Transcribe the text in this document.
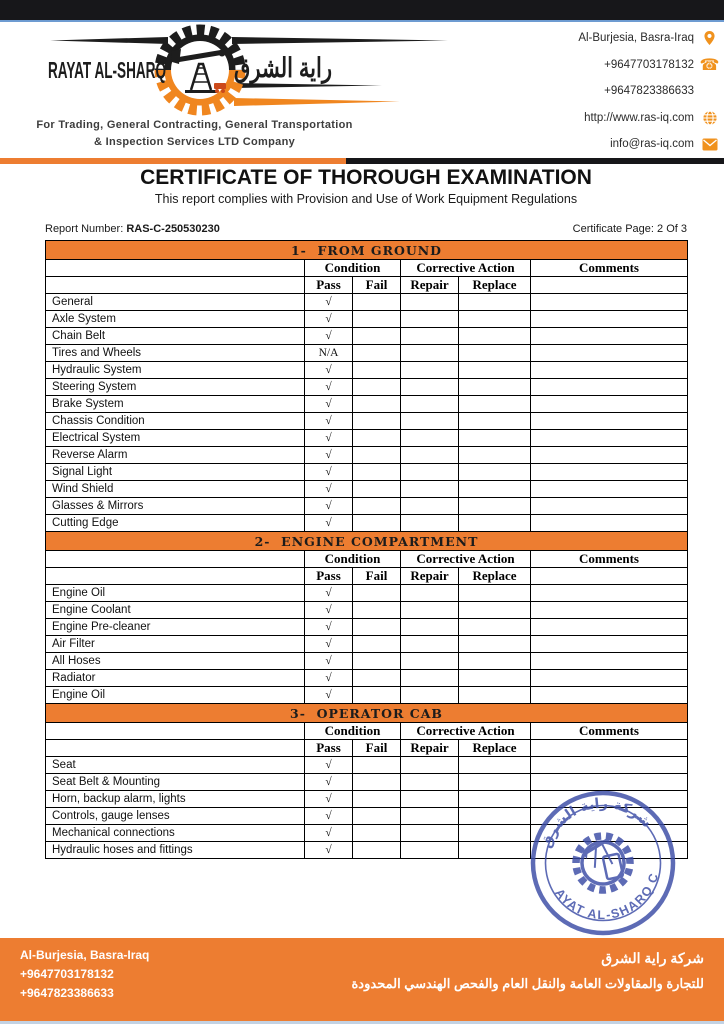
RAYAT AL-SHARQ	راية الشرق
For Trading, General Contracting, General Transportation
& Inspection Services LTD Company
Al-Burjesia, Basra-Iraq
+9647703178132 ☎
+9647823386633
http://www.ras-iq.com
info@ras-iq.com
CERTIFICATE OF THOROUGH EXAMINATION
This report complies with Provision and Use of Work Equipment Regulations
Report Number: RAS-C-250530230	Certificate Page: 2 Of 3
1-  FROM GROUND					
	Condition		Corrective Action		Comments
	Pass	Fail	Repair	Replace	
General	√				
Axle System	√				
Chain Belt	√				
Tires and Wheels	N/A				
Hydraulic System	√				
Steering System	√				
Brake System	√				
Chassis Condition	√				
Electrical System	√				
Reverse Alarm	√				
Signal Light	√				
Wind Shield	√				
Glasses & Mirrors	√				
Cutting Edge	√				
2-  ENGINE COMPARTMENT					
	Condition		Corrective Action		Comments
	Pass	Fail	Repair	Replace	
Engine Oil	√				
Engine Coolant	√				
Engine Pre-cleaner	√				
Air Filter	√				
All Hoses	√				
Radiator	√				
Engine Oil	√				
3-  OPERATOR CAB					
	Condition		Corrective Action		Comments
	Pass	Fail	Repair	Replace	
Seat	√				
Seat Belt & Mounting	√				
Horn, backup alarm, lights	√				
Controls, gauge lenses	√				
Mechanical connections	√				
Hydraulic hoses and fittings	√					شركة راية الشرق
RAYAT AL-SHARQ Co.
Al-Burjesia, Basra-Iraq
+9647703178132
+9647823386633
شركة راية الشرق
للتجارة والمقاولات العامة والنقل العام والفحص الهندسي المحدودة
